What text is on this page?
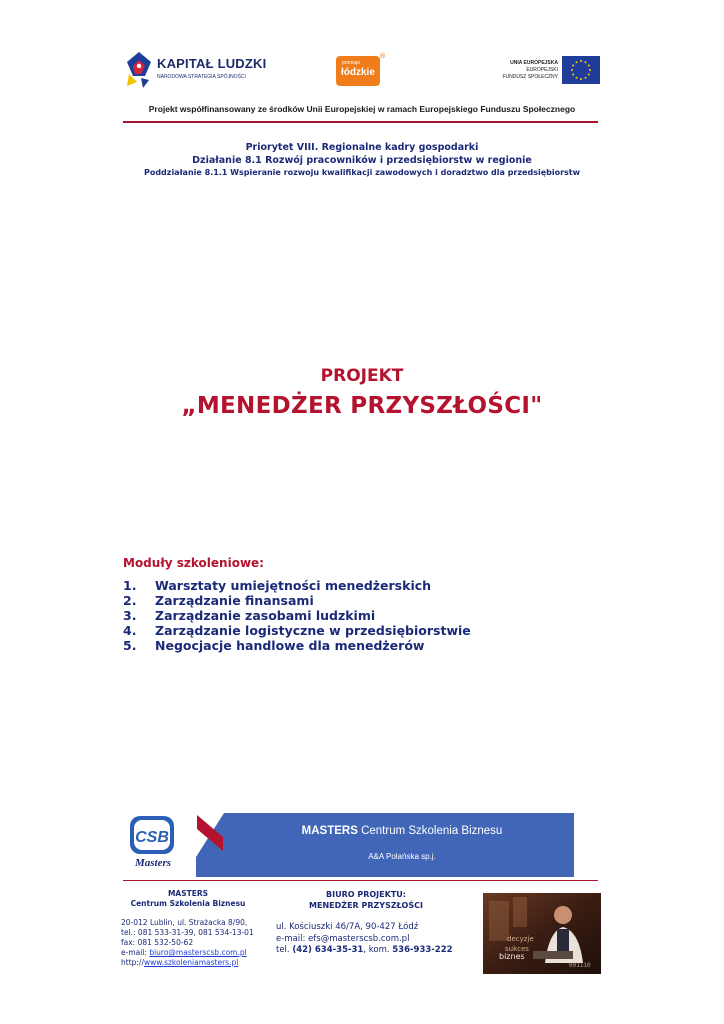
KAPITAŁ LUDZKI
NARODOWA STRATEGIA SPÓJNOŚCI
promuje
łódzkie
®
UNIA EUROPEJSKA
EUROPEJSKI
FUNDUSZ SPOŁECZNY
Projekt współfinansowany ze środków Unii Europejskiej w ramach Europejskiego Funduszu Społecznego
Priorytet VIII. Regionalne kadry gospodarki
Działanie 8.1 Rozwój pracowników i przedsiębiorstw w regionie
Poddziałanie 8.1.1 Wspieranie rozwoju kwalifikacji zawodowych i doradztwo dla przedsiębiorstw
PROJEKT
„MENEDŻER PRZYSZŁOŚCI"
Moduły szkoleniowe:
1. Warsztaty umiejętności menedżerskich
2. Zarządzanie finansami
3. Zarządzanie zasobami ludzkimi
4. Zarządzanie logistyczne w przedsiębiorstwie
5. Negocjacje handlowe dla menedżerów
CSB
Masters
MASTERS Centrum Szkolenia Biznesu
A&A Polańska sp.j.
MASTERS
Centrum Szkolenia Biznesu
20-012 Lublin, ul. Strażacka 8/90,
tel.: 081 533-31-39, 081 534-13-01
fax: 081 532-50-62
e-mail: biuro@masterscsb.com.pl
http://www.szkoleniamasters.pl
BIURO PROJEKTU:
MENEDŻER PRZYSZŁOŚCI
ul. Kościuszki 46/7A, 90-427 Łódź
e-mail: efs@masterscsb.com.pl
tel. (42) 634-35-31, kom. 536-933-222
decyzje
sukces
biznes
001110
